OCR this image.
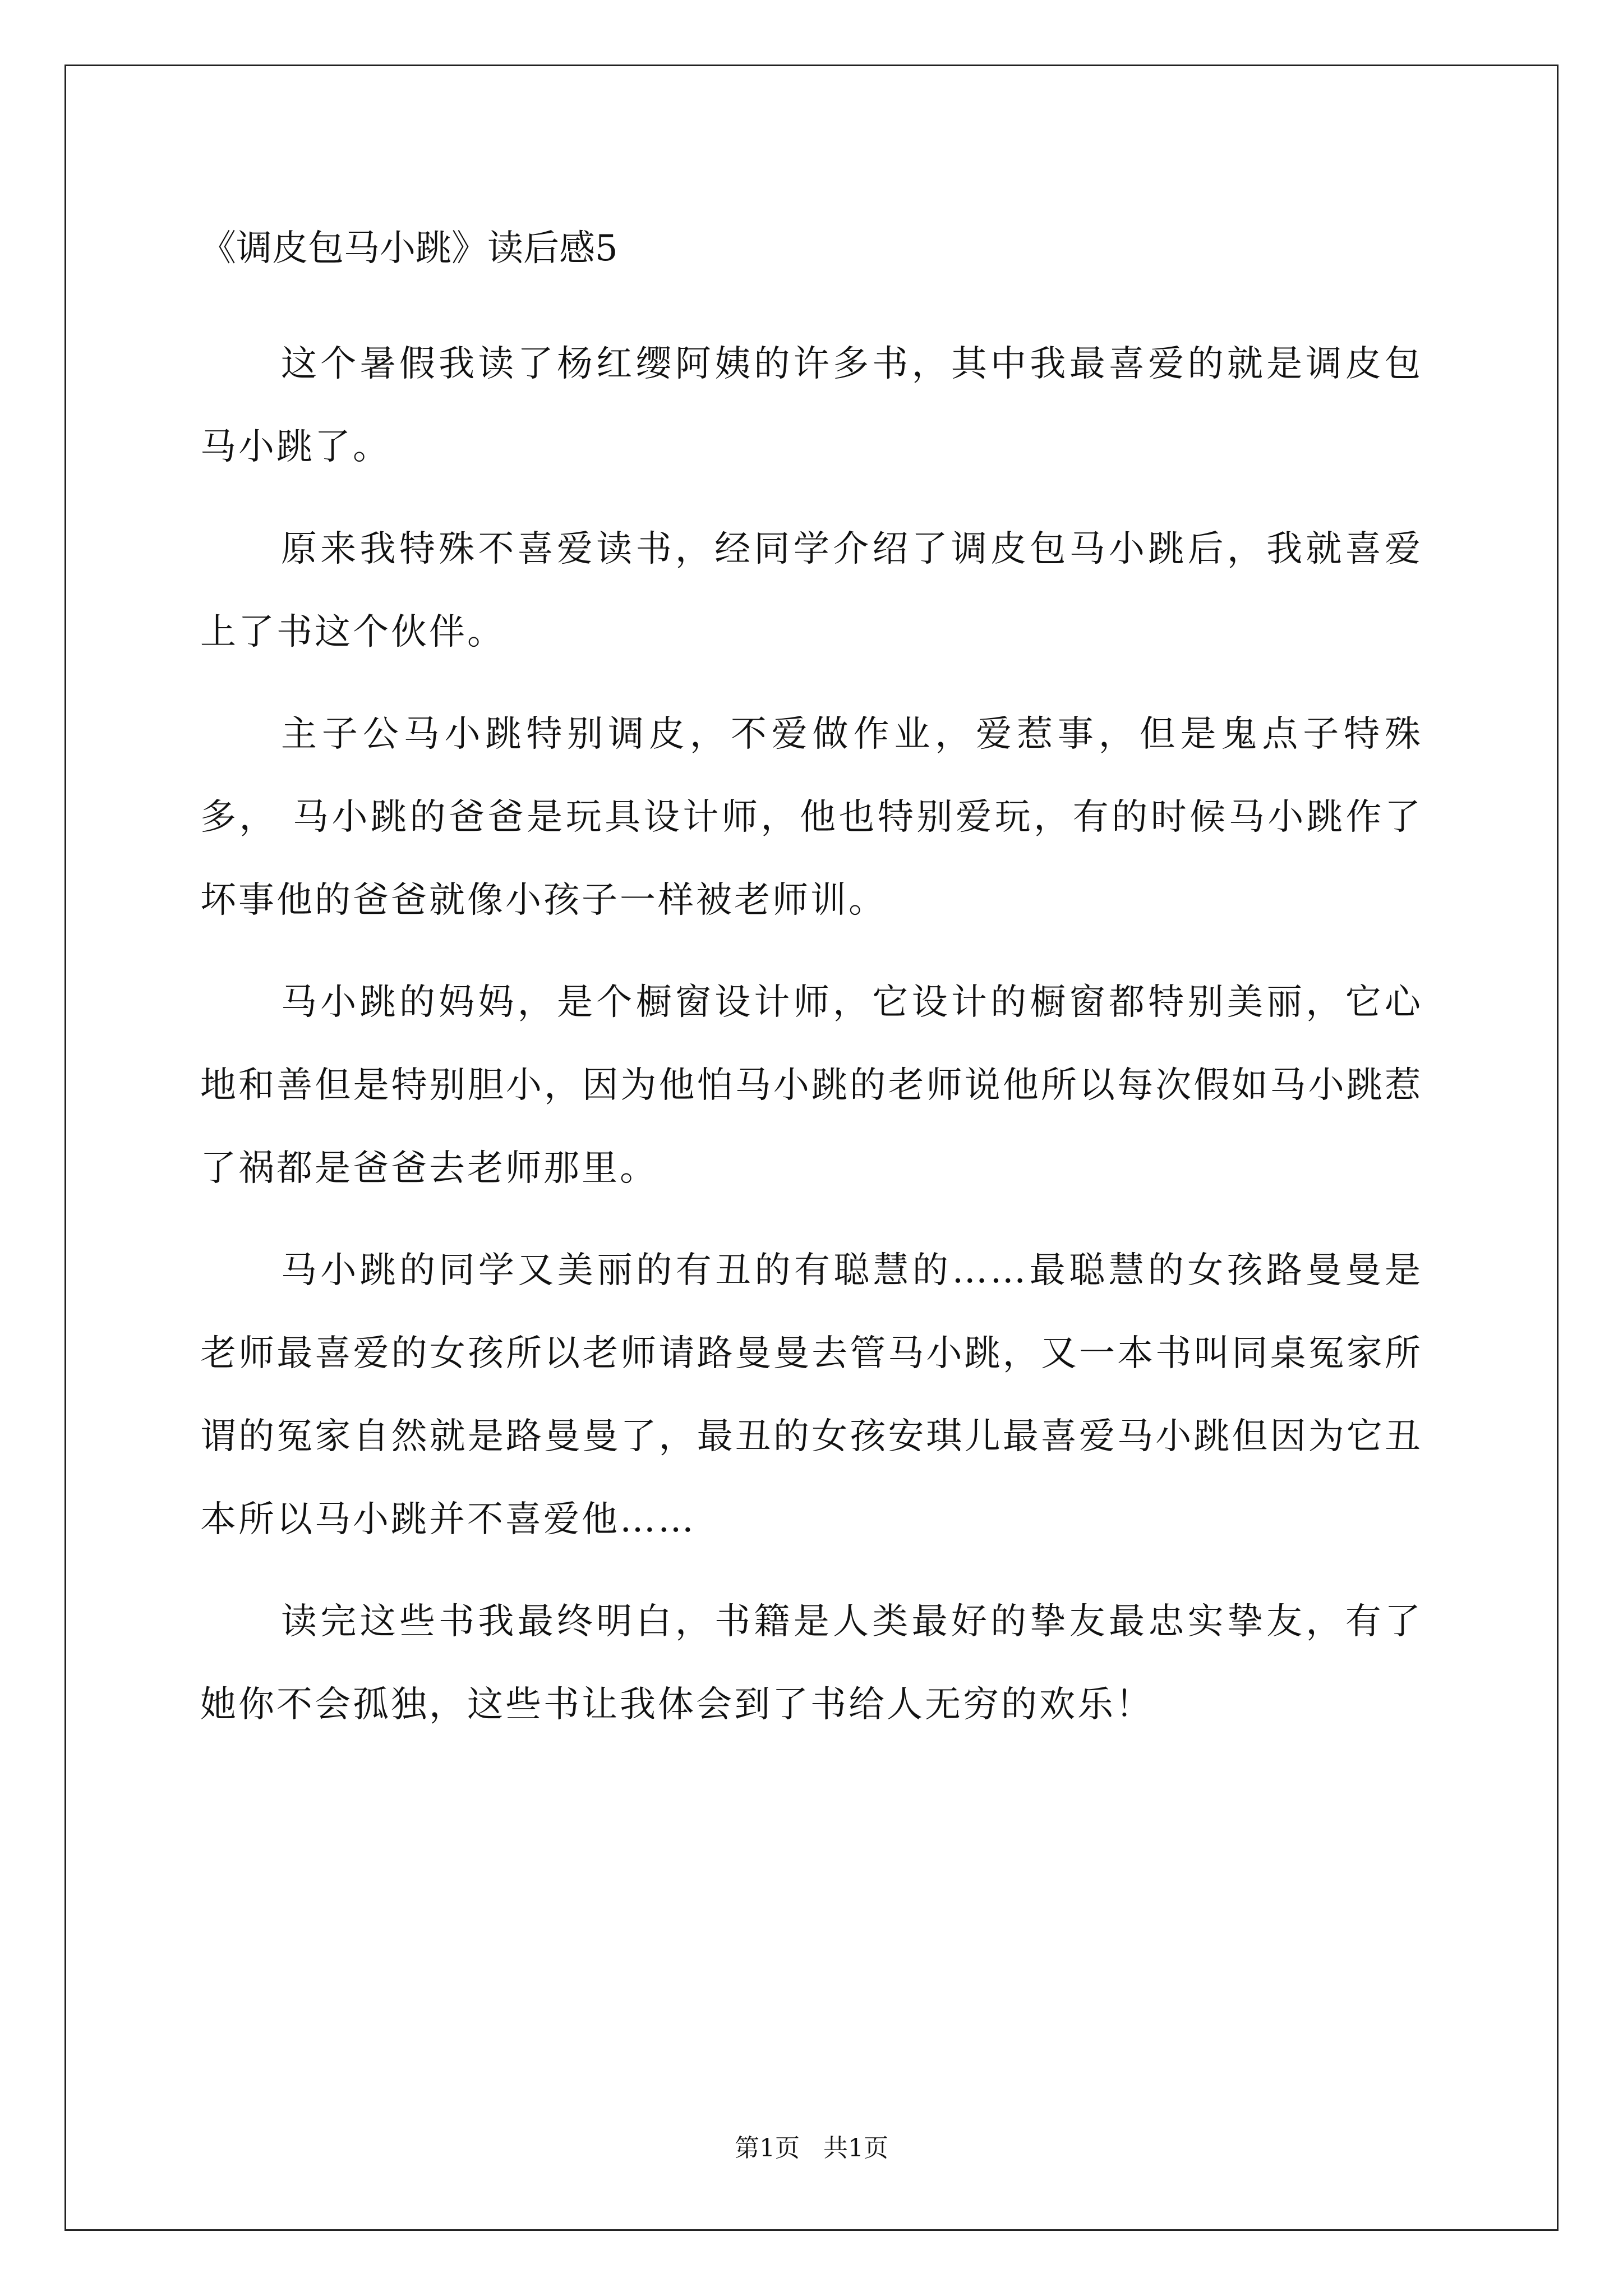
《调皮包马小跳》读后感5

这个暑假我读了杨红缨阿姨的许多书，其中我最喜爱的就是调皮包马小跳了。

原来我特殊不喜爱读书，经同学介绍了调皮包马小跳后，我就喜爱上了书这个伙伴。

主子公马小跳特别调皮，不爱做作业，爱惹事，但是鬼点子特殊多， 马小跳的爸爸是玩具设计师，他也特别爱玩，有的时候马小跳作了坏事他的爸爸就像小孩子一样被老师训。

马小跳的妈妈，是个橱窗设计师，它设计的橱窗都特别美丽，它心地和善但是特别胆小，因为他怕马小跳的老师说他所以每次假如马小跳惹了祸都是爸爸去老师那里。

马小跳的同学又美丽的有丑的有聪慧的……最聪慧的女孩路曼曼是老师最喜爱的女孩所以老师请路曼曼去管马小跳，又一本书叫同桌冤家所谓的冤家自然就是路曼曼了，最丑的女孩安琪儿最喜爱马小跳但因为它丑本所以马小跳并不喜爱他……

读完这些书我最终明白，书籍是人类最好的挚友最忠实挚友，有了她你不会孤独，这些书让我体会到了书给人无穷的欢乐！

第1页   共1页
